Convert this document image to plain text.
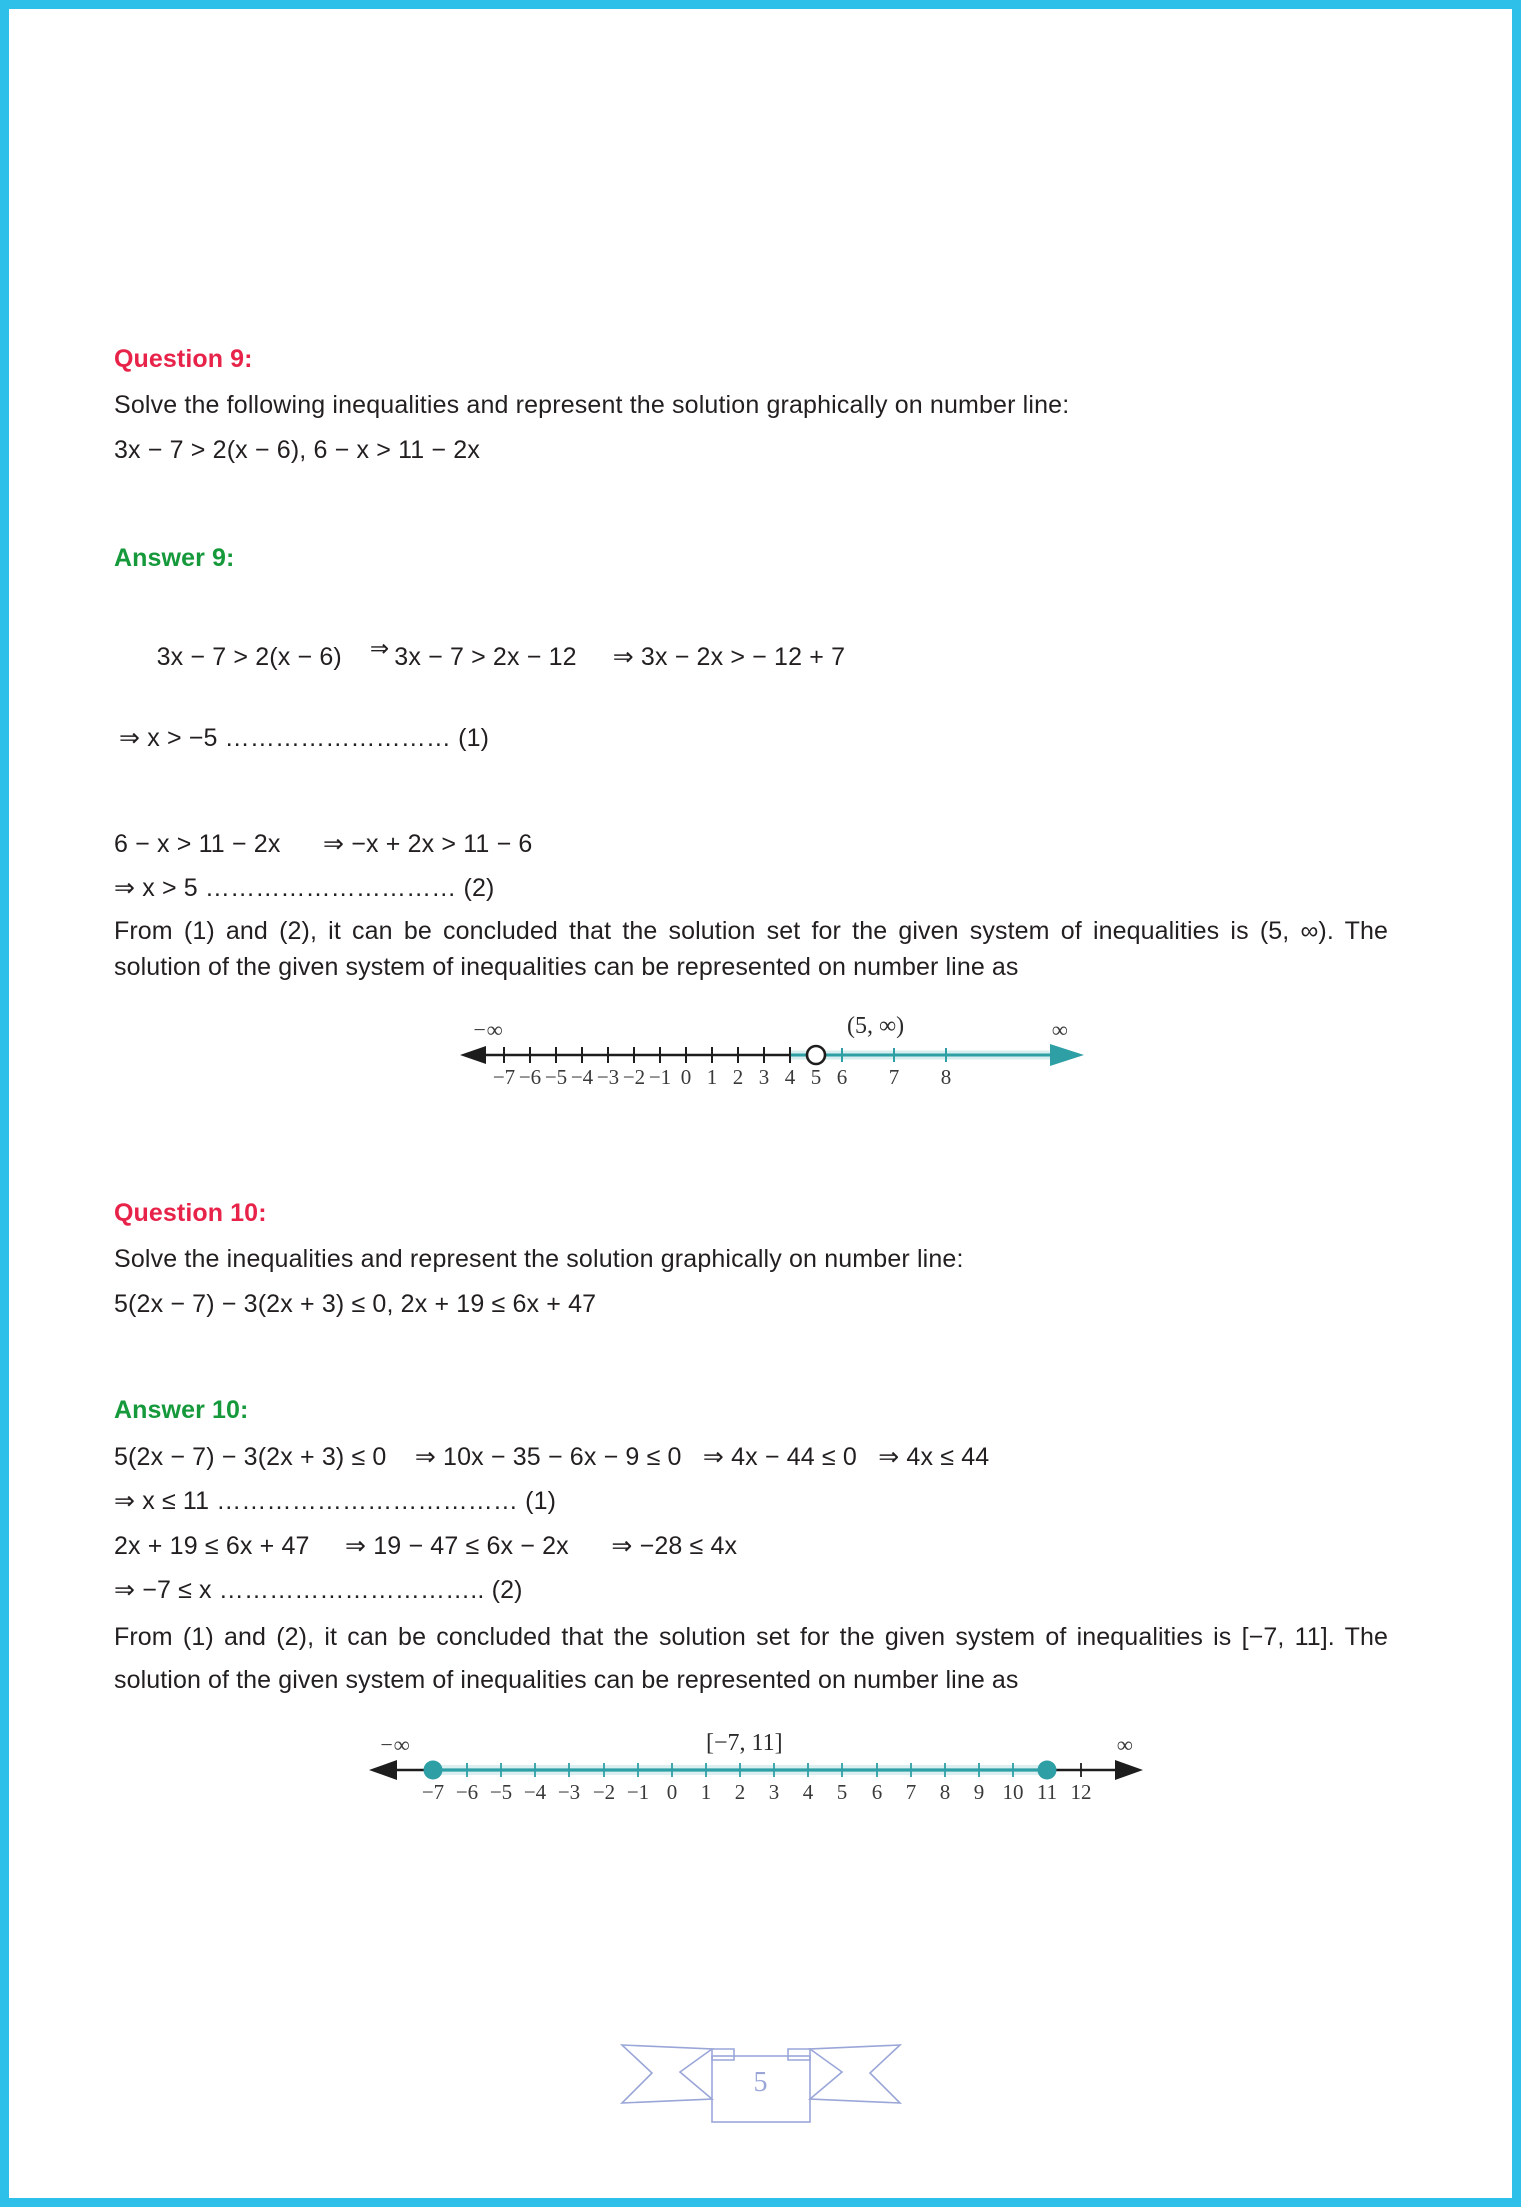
Question 9:
Solve the following inequalities and represent the solution graphically on number line:
3x − 7 > 2(x − 6), 6 − x > 11 − 2x
Answer 9:

3x − 7 > 2(x − 6) ⇒ 3x − 7 > 2x − 12 ⇒ 3x − 2x > − 12 + 7

⇒ x > −5 ……………………… (1)
6 − x > 11 − 2x      ⇒ −x + 2x > 11 − 6
⇒ x > 5 ………………………… (2)
From (1) and (2), it can be concluded that the solution set for the given system of inequalities is (5, ∞). The solution of the given system of inequalities can be represented on number line as
−7 −6 −5 −4 −3 −2 −1 0 1 2 3 4 5 6 7 8
−∞	∞
(5, ∞)
Question 10:
Solve the inequalities and represent the solution graphically on number line:
5(2x − 7) − 3(2x + 3) ≤ 0, 2x + 19 ≤ 6x + 47
Answer 10:
5(2x − 7) − 3(2x + 3) ≤ 0    ⇒ 10x − 35 − 6x − 9 ≤ 0   ⇒ 4x − 44 ≤ 0   ⇒ 4x ≤ 44
⇒ x ≤ 11 ……………………………… (1)
2x + 19 ≤ 6x + 47     ⇒ 19 − 47 ≤ 6x − 2x      ⇒ −28 ≤ 4x
⇒ −7 ≤ x ………………………….. (2)
From (1) and (2), it can be concluded that the solution set for the given system of inequalities is [−7, 11]. The solution of the given system of inequalities can be represented on number line as
−7 −6 −5 −4 −3 −2 −1 0 1 2 3 4 5 6 7 8 9 10 11 12
−∞	∞
[−7, 11]
5
